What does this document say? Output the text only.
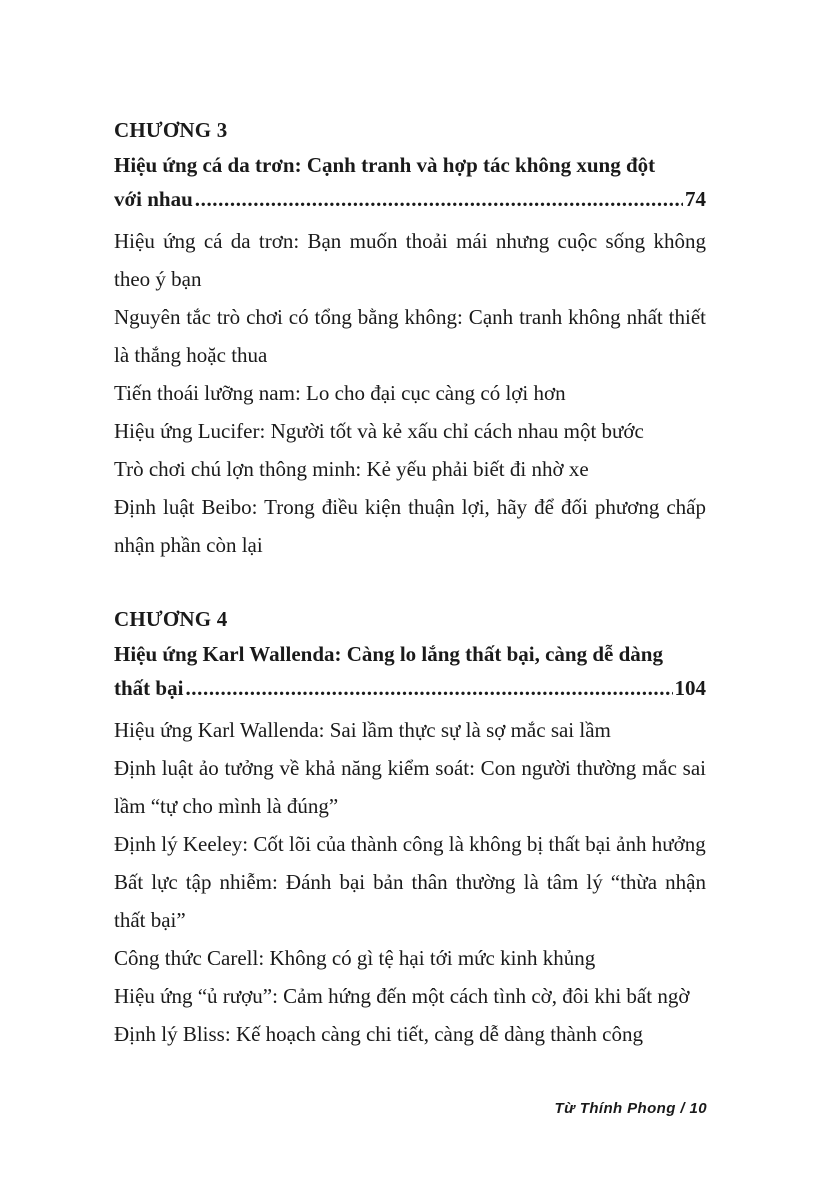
CHƯƠNG 3
Hiệu ứng cá da trơn: Cạnh tranh và hợp tác không xung đột
với nhau .....	74

Hiệu ứng cá da trơn: Bạn muốn thoải mái nhưng cuộc sống không theo ý bạn

Nguyên tắc trò chơi có tổng bằng không: Cạnh tranh không nhất thiết là thắng hoặc thua

Tiến thoái lưỡng nam: Lo cho đại cục càng có lợi hơn

Hiệu ứng Lucifer: Người tốt và kẻ xấu chỉ cách nhau một bước

Trò chơi chú lợn thông minh: Kẻ yếu phải biết đi nhờ xe

Định luật Beibo: Trong điều kiện thuận lợi, hãy để đối phương chấp nhận phần còn lại

CHƯƠNG 4
Hiệu ứng Karl Wallenda: Càng lo lắng thất bại, càng dễ dàng
thất bại .....	104

Hiệu ứng Karl Wallenda: Sai lầm thực sự là sợ mắc sai lầm

Định luật ảo tưởng về khả năng kiểm soát: Con người thường mắc sai lầm “tự cho mình là đúng”

Định lý Keeley: Cốt lõi của thành công là không bị thất bại ảnh hưởng

Bất lực tập nhiễm: Đánh bại bản thân thường là tâm lý “thừa nhận thất bại”

Công thức Carell: Không có gì tệ hại tới mức kinh khủng

Hiệu ứng “ủ rượu”: Cảm hứng đến một cách tình cờ, đôi khi bất ngờ

Định lý Bliss: Kế hoạch càng chi tiết, càng dễ dàng thành công

Từ Thính Phong / 10
